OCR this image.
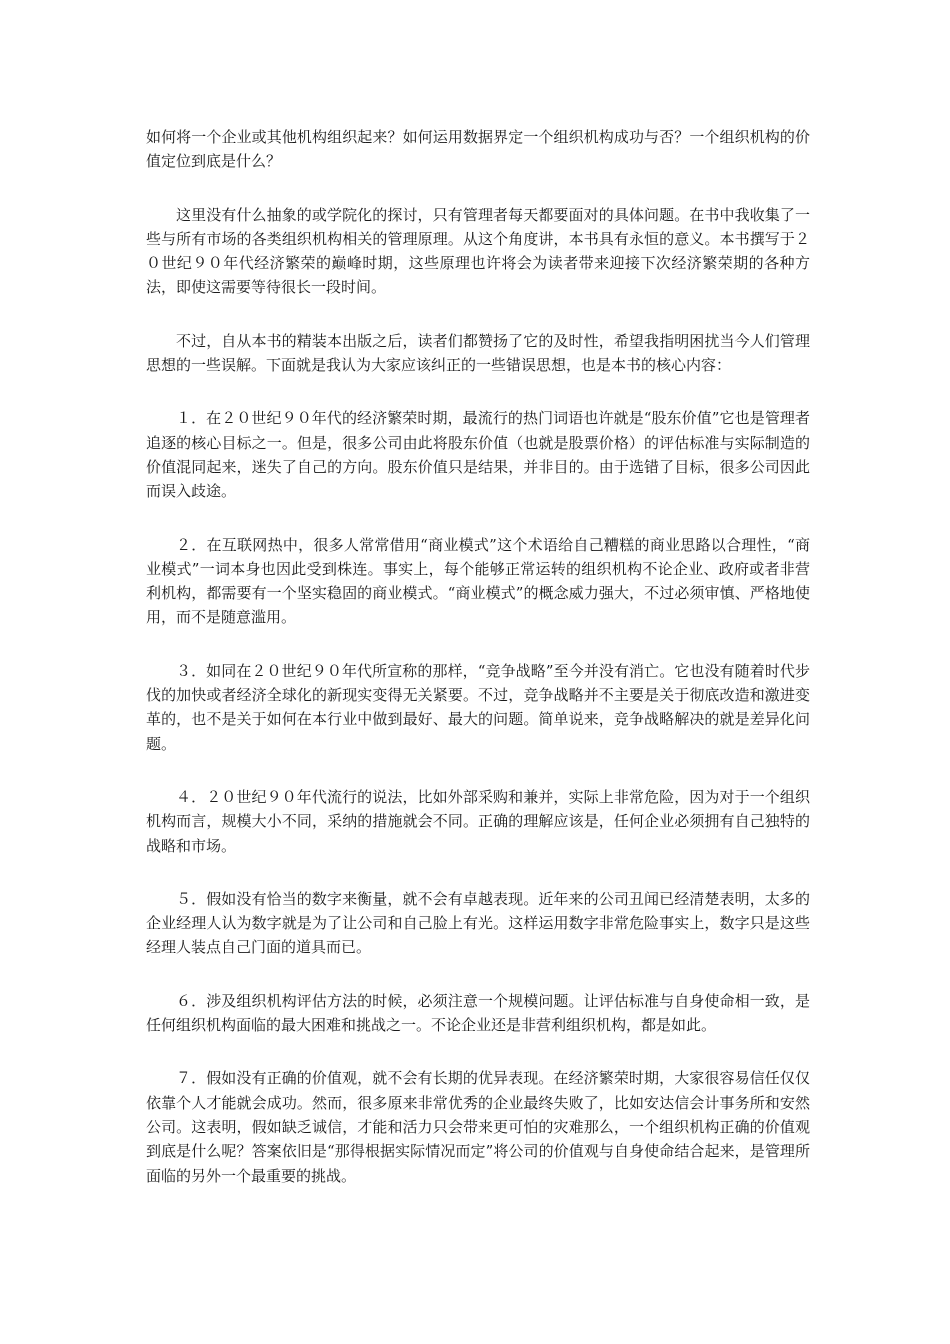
如何将一个企业或其他机构组织起来？如何运用数据界定一个组织机构成功与否？一个组织机构的价值定位到底是什么？

这里没有什么抽象的或学院化的探讨，只有管理者每天都要面对的具体问题。在书中我收集了一些与所有市场的各类组织机构相关的管理原理。从这个角度讲，本书具有永恒的意义。本书撰写于２０世纪９０年代经济繁荣的巅峰时期，这些原理也许将会为读者带来迎接下次经济繁荣期的各种方法，即使这需要等待很长一段时间。

不过，自从本书的精装本出版之后，读者们都赞扬了它的及时性，希望我指明困扰当今人们管理思想的一些误解。下面就是我认为大家应该纠正的一些错误思想，也是本书的核心内容：

１．在２０世纪９０年代的经济繁荣时期，最流行的热门词语也许就是“股东价值”它也是管理者追逐的核心目标之一。但是，很多公司由此将股东价值（也就是股票价格）的评估标准与实际制造的价值混同起来，迷失了自己的方向。股东价值只是结果，并非目的。由于选错了目标，很多公司因此而误入歧途。

２．在互联网热中，很多人常常借用“商业模式”这个术语给自己糟糕的商业思路以合理性，“商业模式”一词本身也因此受到株连。事实上，每个能够正常运转的组织机构不论企业、政府或者非营利机构，都需要有一个坚实稳固的商业模式。“商业模式”的概念威力强大，不过必须审慎、严格地使用，而不是随意滥用。

３．如同在２０世纪９０年代所宣称的那样，“竞争战略”至今并没有消亡。它也没有随着时代步伐的加快或者经济全球化的新现实变得无关紧要。不过，竞争战略并不主要是关于彻底改造和激进变革的，也不是关于如何在本行业中做到最好、最大的问题。简单说来，竞争战略解决的就是差异化问题。

４．２０世纪９０年代流行的说法，比如外部采购和兼并，实际上非常危险，因为对于一个组织机构而言，规模大小不同，采纳的措施就会不同。正确的理解应该是，任何企业必须拥有自己独特的战略和市场。

５．假如没有恰当的数字来衡量，就不会有卓越表现。近年来的公司丑闻已经清楚表明，太多的企业经理人认为数字就是为了让公司和自己脸上有光。这样运用数字非常危险事实上，数字只是这些经理人装点自己门面的道具而已。

６．涉及组织机构评估方法的时候，必须注意一个规模问题。让评估标准与自身使命相一致，是任何组织机构面临的最大困难和挑战之一。不论企业还是非营利组织机构，都是如此。

７．假如没有正确的价值观，就不会有长期的优异表现。在经济繁荣时期，大家很容易信任仅仅依靠个人才能就会成功。然而，很多原来非常优秀的企业最终失败了，比如安达信会计事务所和安然公司。这表明，假如缺乏诚信，才能和活力只会带来更可怕的灾难那么，一个组织机构正确的价值观到底是什么呢？答案依旧是“那得根据实际情况而定”将公司的价值观与自身使命结合起来，是管理所面临的另外一个最重要的挑战。
